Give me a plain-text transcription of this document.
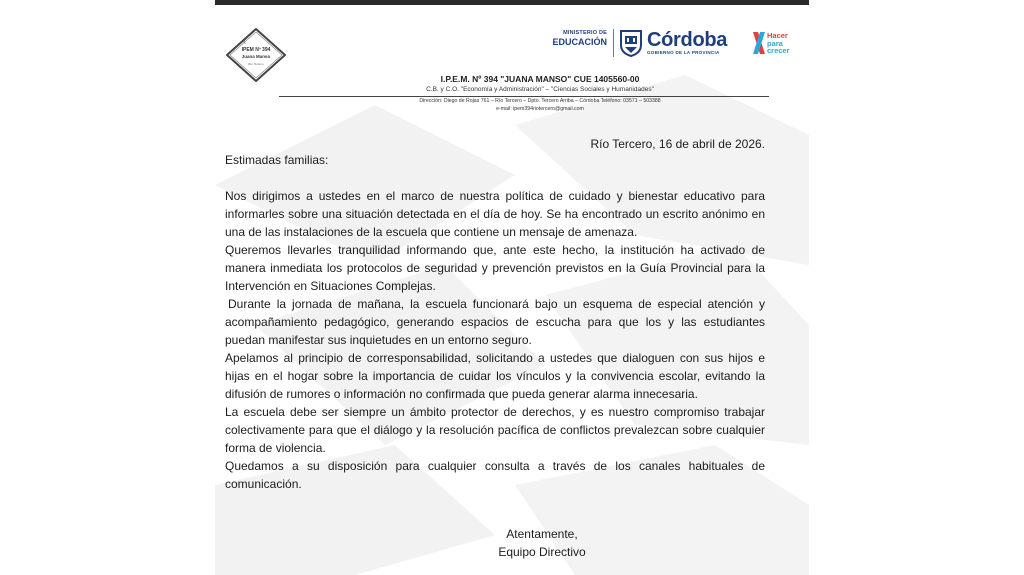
☾
IPEM Nº 394
Juana Manso
Río Tercero
MINISTERIO DE
EDUCACIÓN Córdoba
GOBIERNO DE LA PROVINCIA
Hacer
para
crecer
I.P.E.M. Nº 394 "JUANA MANSO" CUE 1405560-00
C.B. y C.O. "Economía y Administración" – "Ciencias Sociales y Humanidades"
Dirección: Diego de Rojas 761 – Río Tercero – Dpto. Tercero Arriba – Córdoba Teléfono: 03571 – 503388
e-mail: ipem394riotercero@gmail.com
Río Tercero, 16 de abril de 2026.
Estimadas familias:

Nos dirigimos a ustedes en el marco de nuestra política de cuidado y bienestar educativo para informarles sobre una situación detectada en el día de hoy. Se ha encontrado un escrito anónimo en una de las instalaciones de la escuela que contiene un mensaje de amenaza.

Queremos llevarles tranquilidad informando que, ante este hecho, la institución ha activado de manera inmediata los protocolos de seguridad y prevención previstos en la Guía Provincial para la Intervención en Situaciones Complejas.

Durante la jornada de mañana, la escuela funcionará bajo un esquema de especial atención y acompañamiento pedagógico, generando espacios de escucha para que los y las estudiantes puedan manifestar sus inquietudes en un entorno seguro.

Apelamos al principio de corresponsabilidad, solicitando a ustedes que dialoguen con sus hijos e hijas en el hogar sobre la importancia de cuidar los vínculos y la convivencia escolar, evitando la difusión de rumores o información no confirmada que pueda generar alarma innecesaria.

La escuela debe ser siempre un ámbito protector de derechos, y es nuestro compromiso trabajar colectivamente para que el diálogo y la resolución pacífica de conflictos prevalezcan sobre cualquier forma de violencia.

Quedamos a su disposición para cualquier consulta a través de los canales habituales de comunicación.

Atentamente,
Equipo Directivo
